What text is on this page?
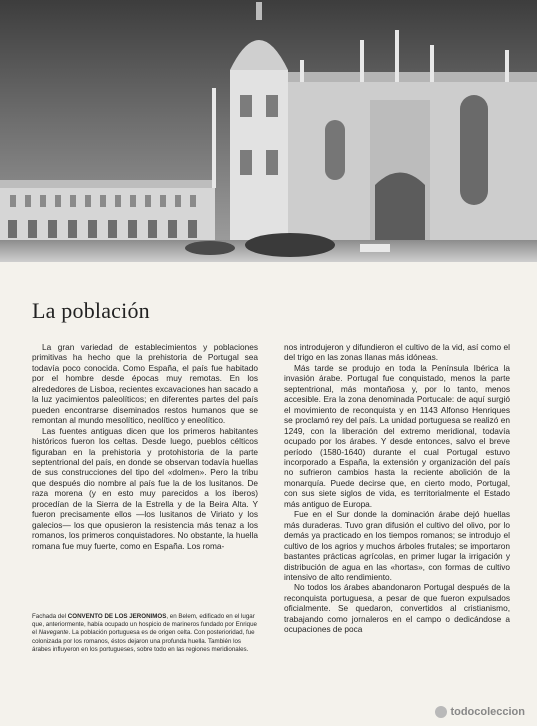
La población

La gran variedad de establecimientos y poblaciones primitivas ha hecho que la prehistoria de Portugal sea todavía poco conocida. Como España, el país fue habitado por el hombre desde épocas muy remotas. En los alrededores de Lisboa, recientes excavaciones han sacado a la luz yacimientos paleolíticos; en diferentes partes del país pueden encontrarse diseminados restos humanos que se remontan al mundo mesolítico, neolítico y eneolítico.

Las fuentes antiguas dicen que los primeros habitantes históricos fueron los celtas. Desde luego, pueblos célticos figuraban en la prehistoria y protohistoria de la parte septentrional del país, en donde se observan todavía huellas de sus construcciones del tipo del «dolmen». Pero la tribu que después dio nombre al país fue la de los lusitanos. De raza morena (y en esto muy parecidos a los íberos) procedían de la Sierra de la Estrella y de la Beira Alta. Y fueron precisamente ellos —los lusitanos de Viriato y los galecios— los que opusieron la resistencia más tenaz a los romanos, los primeros conquistadores. No obstante, la huella romana fue muy fuerte, como en España. Los roma-

Fachada del CONVENTO DE LOS JERONIMOS, en Belem, edificado en el lugar que, anteriormente, había ocupado un hospicio de marineros fundado por Enrique el Navegante. La población portuguesa es de origen celta. Con posterioridad, fue colonizada por los romanos, éstos dejaron una profunda huella. También los árabes influyeron en los portugueses, sobre todo en las regiones meridionales.

nos introdujeron y difundieron el cultivo de la vid, así como el del trigo en las zonas llanas más idóneas.

Más tarde se produjo en toda la Península Ibérica la invasión árabe. Portugal fue conquistado, menos la parte septentrional, más montañosa y, por lo tanto, menos accesible. Era la zona denominada Portucale: de aquí surgió el movimiento de reconquista y en 1143 Alfonso Henriques se proclamó rey del país. La unidad portuguesa se realizó en 1249, con la liberación del extremo meridional, todavía ocupado por los árabes. Y desde entonces, salvo el breve período (1580-1640) durante el cual Portugal estuvo incorporado a España, la extensión y organización del país no sufrieron cambios hasta la reciente abolición de la monarquía. Puede decirse que, en cierto modo, Portugal, con sus siete siglos de vida, es territorialmente el Estado más antiguo de Europa.

Fue en el Sur donde la dominación árabe dejó huellas más duraderas. Tuvo gran difusión el cultivo del olivo, por lo demás ya practicado en los tiempos romanos; se introdujo el cultivo de los agrios y muchos árboles frutales; se importaron bastantes prácticas agrícolas, en primer lugar la irrigación y distribución de agua en las «hortas», con formas de cultivo intensivo de alto rendimiento.

No todos los árabes abandonaron Portugal después de la reconquista portuguesa, a pesar de que fueron expulsados oficialmente. Se quedaron, convertidos al cristianismo, trabajando como jornaleros en el campo o dedicándose a ocupaciones de poca

todocoleccion
